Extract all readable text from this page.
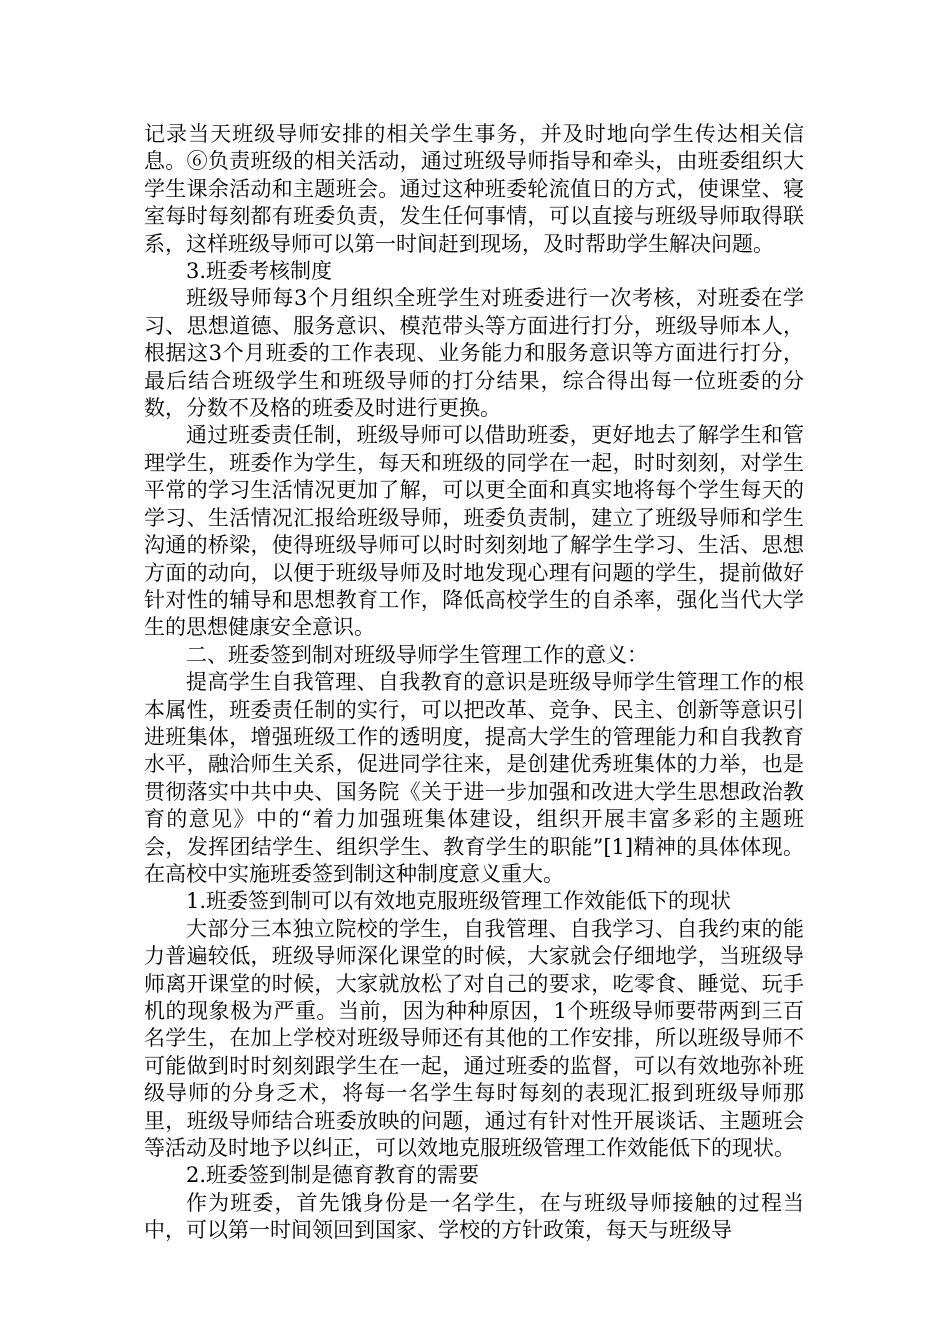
记录当天班级导师安排的相关学生事务，并及时地向学生传达相关信息。⑥负责班级的相关活动，通过班级导师指导和牵头，由班委组织大学生课余活动和主题班会。通过这种班委轮流值日的方式，使课堂、寝室每时每刻都有班委负责，发生任何事情，可以直接与班级导师取得联系，这样班级导师可以第一时间赶到现场，及时帮助学生解决问题。

3.班委考核制度

班级导师每3个月组织全班学生对班委进行一次考核，对班委在学习、思想道德、服务意识、模范带头等方面进行打分，班级导师本人，根据这3个月班委的工作表现、业务能力和服务意识等方面进行打分，最后结合班级学生和班级导师的打分结果，综合得出每一位班委的分数，分数不及格的班委及时进行更换。

通过班委责任制，班级导师可以借助班委，更好地去了解学生和管理学生，班委作为学生，每天和班级的同学在一起，时时刻刻，对学生平常的学习生活情况更加了解，可以更全面和真实地将每个学生每天的学习、生活情况汇报给班级导师，班委负责制，建立了班级导师和学生沟通的桥梁，使得班级导师可以时时刻刻地了解学生学习、生活、思想方面的动向，以便于班级导师及时地发现心理有问题的学生，提前做好针对性的辅导和思想教育工作，降低高校学生的自杀率，强化当代大学生的思想健康安全意识。

二、班委签到制对班级导师学生管理工作的意义：

提高学生自我管理、自我教育的意识是班级导师学生管理工作的根本属性，班委责任制的实行，可以把改革、竞争、民主、创新等意识引进班集体，增强班级工作的透明度，提高大学生的管理能力和自我教育水平，融洽师生关系，促进同学往来，是创建优秀班集体的力举，也是贯彻落实中共中央、国务院《关于进一步加强和改进大学生思想政治教育的意见》中的“着力加强班集体建设，组织开展丰富多彩的主题班会，发挥团结学生、组织学生、教育学生的职能”[1]精神的具体体现。在高校中实施班委签到制这种制度意义重大。

1.班委签到制可以有效地克服班级管理工作效能低下的现状

大部分三本独立院校的学生，自我管理、自我学习、自我约束的能力普遍较低，班级导师深化课堂的时候，大家就会仔细地学，当班级导师离开课堂的时候，大家就放松了对自己的要求，吃零食、睡觉、玩手机的现象极为严重。当前，因为种种原因，1个班级导师要带两到三百名学生，在加上学校对班级导师还有其他的工作安排，所以班级导师不可能做到时时刻刻跟学生在一起，通过班委的监督，可以有效地弥补班级导师的分身乏术，将每一名学生每时每刻的表现汇报到班级导师那里，班级导师结合班委放映的问题，通过有针对性开展谈话、主题班会等活动及时地予以纠正，可以效地克服班级管理工作效能低下的现状。

2.班委签到制是德育教育的需要

作为班委，首先饿身份是一名学生，在与班级导师接触的过程当中，可以第一时间领回到国家、学校的方针政策，每天与班级导
